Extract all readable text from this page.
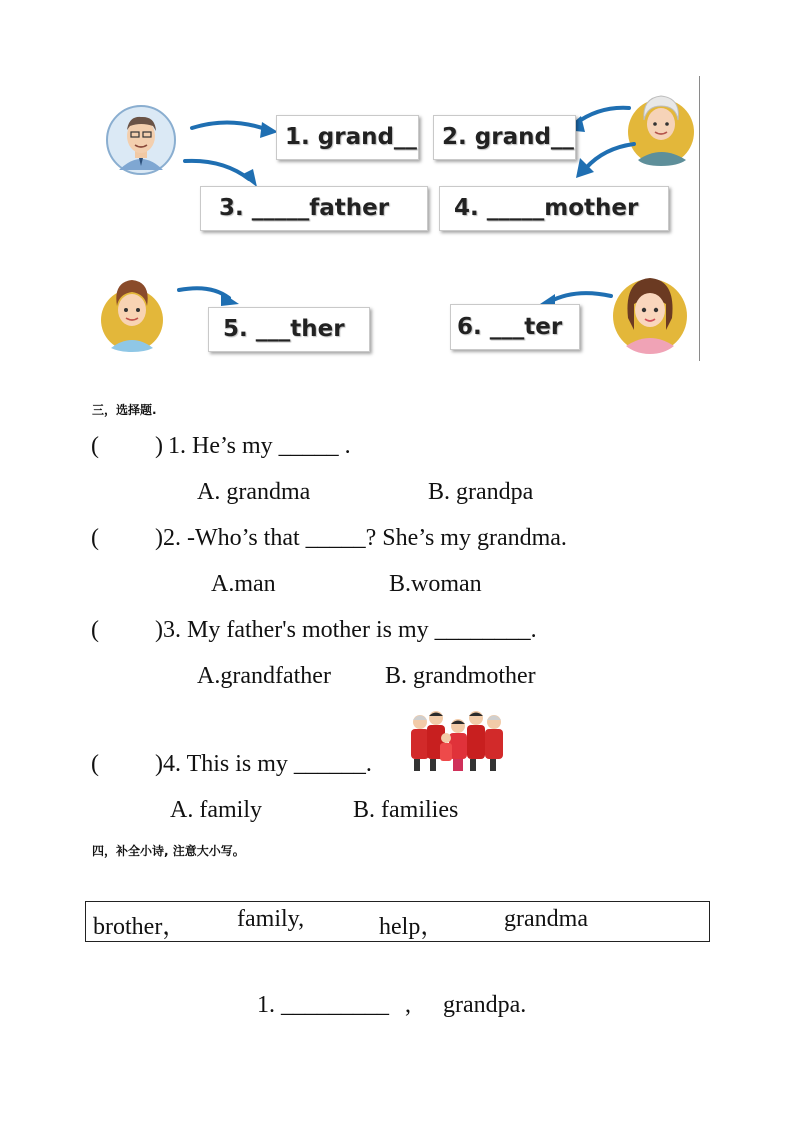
1.
grand__ 2.
grand__
3.
_____father	4.
_____mother
5.
___ther	6.
___ter
三，选择题.
( ) 1. He’s my _____ .
A. grandma	B. grandpa
( ) 2. -Who’s that _____? She’s my grandma.
A.man	B.woman
( ) 3. My father's mother is my ________.
A.grandfather B. grandmother
( ) 4. This is my ______.
A. family	B. families
四，补全小诗, 注意大小写。
brother， family,	help， grandma
1. _________ , grandpa.
